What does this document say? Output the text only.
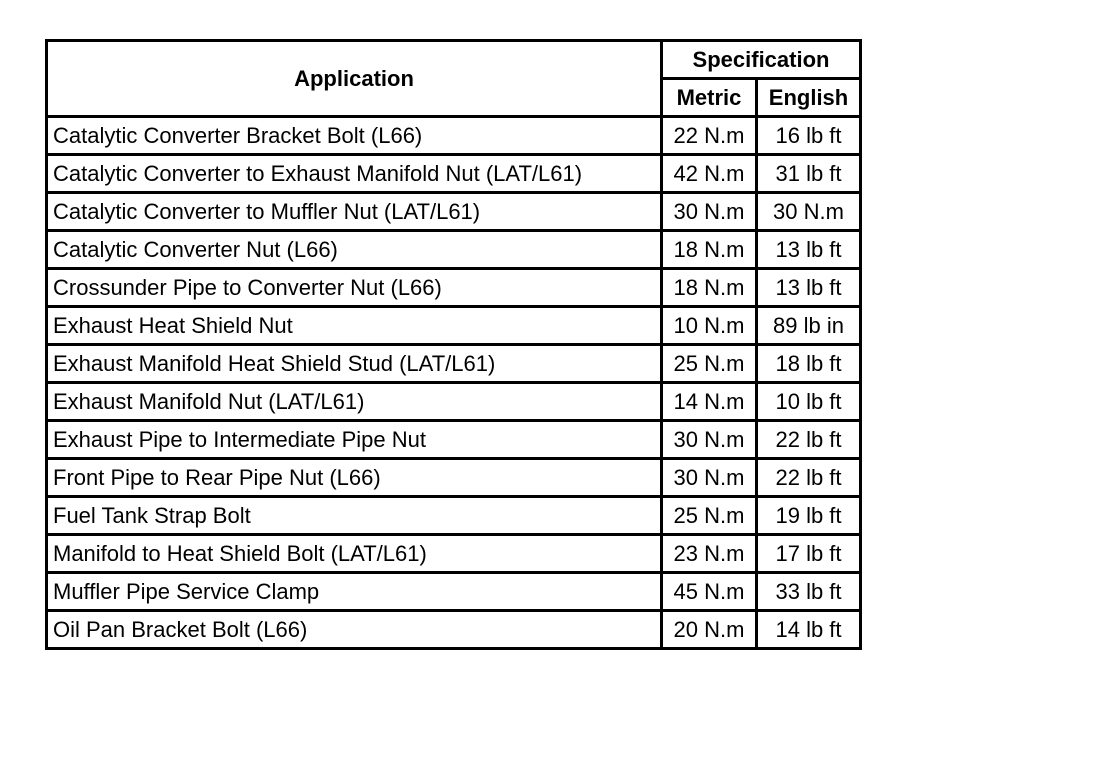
Application	Specification	
	Metric	English
Catalytic Converter Bracket Bolt (L66)	22 N.m	16 lb ft
Catalytic Converter to Exhaust Manifold Nut (LAT/L61)	42 N.m	31 lb ft
Catalytic Converter to Muffler Nut (LAT/L61)	30 N.m	30 N.m
Catalytic Converter Nut (L66)	18 N.m	13 lb ft
Crossunder Pipe to Converter Nut (L66)	18 N.m	13 lb ft
Exhaust Heat Shield Nut	10 N.m	89 lb in
Exhaust Manifold Heat Shield Stud (LAT/L61)	25 N.m	18 lb ft
Exhaust Manifold Nut (LAT/L61)	14 N.m	10 lb ft
Exhaust Pipe to Intermediate Pipe Nut	30 N.m	22 lb ft
Front Pipe to Rear Pipe Nut (L66)	30 N.m	22 lb ft
Fuel Tank Strap Bolt	25 N.m	19 lb ft
Manifold to Heat Shield Bolt (LAT/L61)	23 N.m	17 lb ft
Muffler Pipe Service Clamp	45 N.m	33 lb ft
Oil Pan Bracket Bolt (L66)	20 N.m	14 lb ft
